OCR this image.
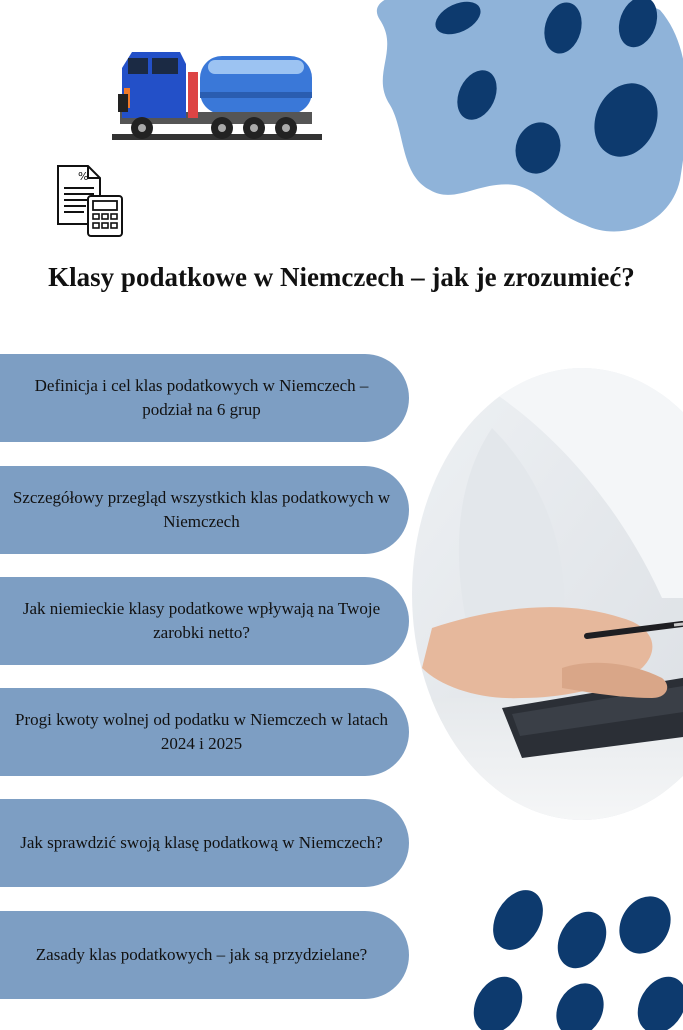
%
Klasy podatkowe w Niemczech – jak je zrozumieć?
Definicja i cel klas podatkowych w Niemczech – podział na 6 grup
Szczegółowy przegląd wszystkich klas podatkowych w Niemczech
Jak niemieckie klasy podatkowe wpływają na Twoje zarobki netto?
Progi kwoty wolnej od podatku w Niemczech w latach 2024 i 2025
Jak sprawdzić swoją klasę podatkową w Niemczech?
Zasady klas podatkowych – jak są przydzielane?
